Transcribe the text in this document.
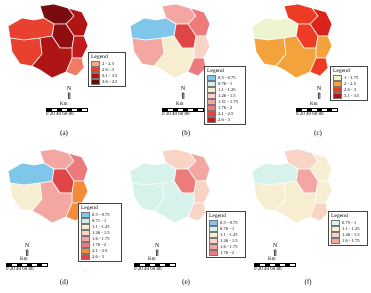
Legend
2 - 2.3
2.6 - 3
3.1 - 3.5
3.6 - 4.5
N
⇑
Km
0 20 40 60 80
(a)
Legend
0.5 - 0.75
0.76 - 1
1.1 - 1.25
1.26 - 1.5
1.51 - 1.75
1.76 - 2
2.1 - 2.5
2.6 - 3
N
⇑
Km
0 20 40 60 80
(b)
Legend
1 - 1.75
2 - 2.5
2.6 - 3
3.1 - 3.5
N
⇑
Km
0 20 40 60 80
(c)
Legend
0.5 - 0.75
0.71 - 1
1.1 - 1.25
1.26 - 1.5
1.6 - 1.75
1.76 - 2
2.1 - 2.5
2.6 - 3
N
⇑
Km
0 20 40 60 80
(d)
Legend
0.5 - 0.75
0.76 - 1
1.1 - 1.25
1.26 - 1.5
1.6 - 1.75
1.76 - 2
N
⇑
Km
0 20 40 60 80
(e)
Legend
0.75 - 1
1.1 - 1.25
1.26 - 1.5
1.6 - 1.75
N
⇑
Km
0 20 40 60 80
(f)
